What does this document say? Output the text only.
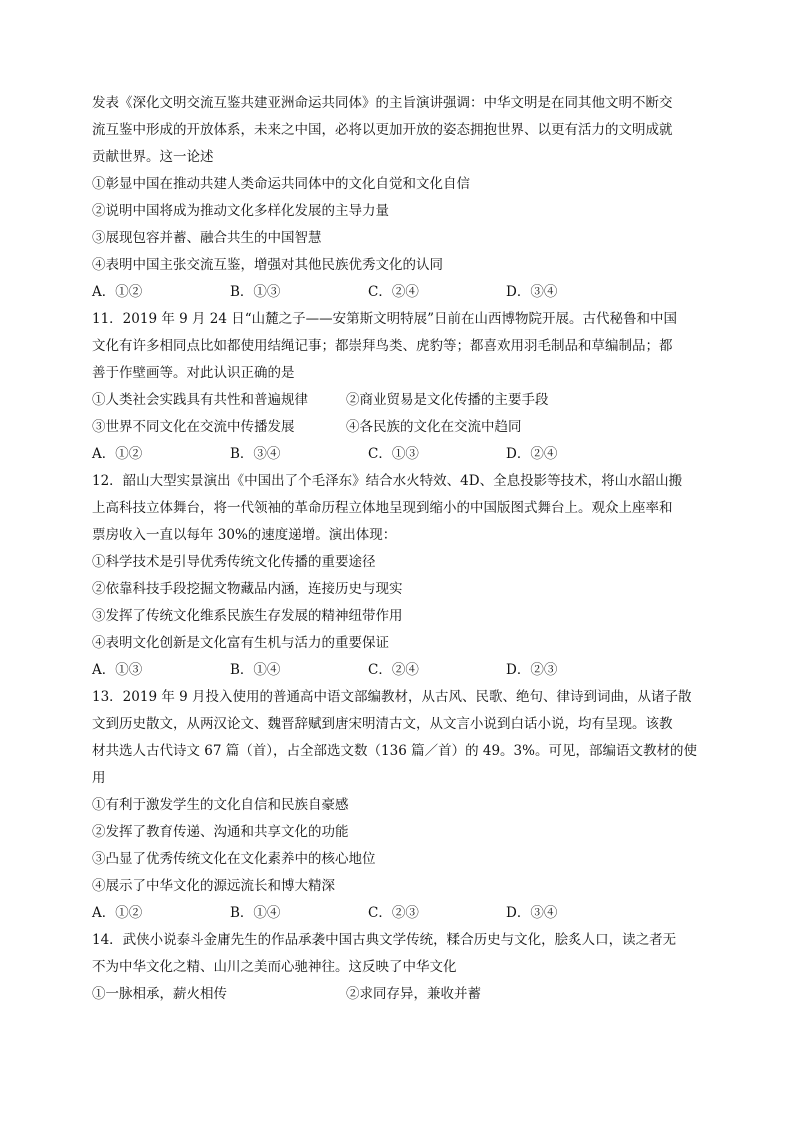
发表《深化文明交流互鉴共建亚洲命运共同体》的主旨演讲强调：中华文明是在同其他文明不断交
流互鉴中形成的开放体系，未来之中国，必将以更加开放的姿态拥抱世界、以更有活力的文明成就
贡献世界。这一论述
①彰显中国在推动共建人类命运共同体中的文化自觉和文化自信
②说明中国将成为推动文化多样化发展的主导力量
③展现包容并蓄、融合共生的中国智慧
④表明中国主张交流互鉴，增强对其他民族优秀文化的认同
A．①②	B．①③	C．②④	D．③④
11．2019 年 9 月 24 日“山麓之子——安第斯文明特展”日前在山西博物院开展。古代秘鲁和中国
文化有许多相同点比如都使用结绳记事；都崇拜鸟类、虎豹等；都喜欢用羽毛制品和草编制品；都
善于作壁画等。对此认识正确的是
①人类社会实践具有共性和普遍规律	②商业贸易是文化传播的主要手段
③世界不同文化在交流中传播发展	④各民族的文化在交流中趋同
A．①②	B．③④	C．①③	D．②④
12．韶山大型实景演出《中国出了个毛泽东》结合水火特效、4D、全息投影等技术，将山水韶山搬
上高科技立体舞台，将一代领袖的革命历程立体地呈现到缩小的中国版图式舞台上。观众上座率和
票房收入一直以每年 30%的速度递增。演出体现：
①科学技术是引导优秀传统文化传播的重要途径
②依靠科技手段挖掘文物藏品内涵，连接历史与现实
③发挥了传统文化维系民族生存发展的精神纽带作用
④表明文化创新是文化富有生机与活力的重要保证
A．①③	B．①④	C．②④	D．②③
13．2019 年 9 月投入使用的普通高中语文部编教材，从古风、民歌、绝句、律诗到词曲，从诸子散
文到历史散文，从两汉论文、魏晋辞赋到唐宋明清古文，从文言小说到白话小说，均有呈现。该教
材共选人古代诗文 67 篇（首），占全部选文数（136 篇／首）的 49。3%。可见，部编语文教材的使
用
①有利于激发学生的文化自信和民族自豪感
②发挥了教育传递、沟通和共享文化的功能
③凸显了优秀传统文化在文化素养中的核心地位
④展示了中华文化的源远流长和博大精深
A．①②	B．①④	C．②③	D．③④
14．武侠小说泰斗金庸先生的作品承袭中国古典文学传统，糅合历史与文化，脍炙人口，读之者无
不为中华文化之精、山川之美而心驰神往。这反映了中华文化
①一脉相承，薪火相传	②求同存异，兼收并蓄
